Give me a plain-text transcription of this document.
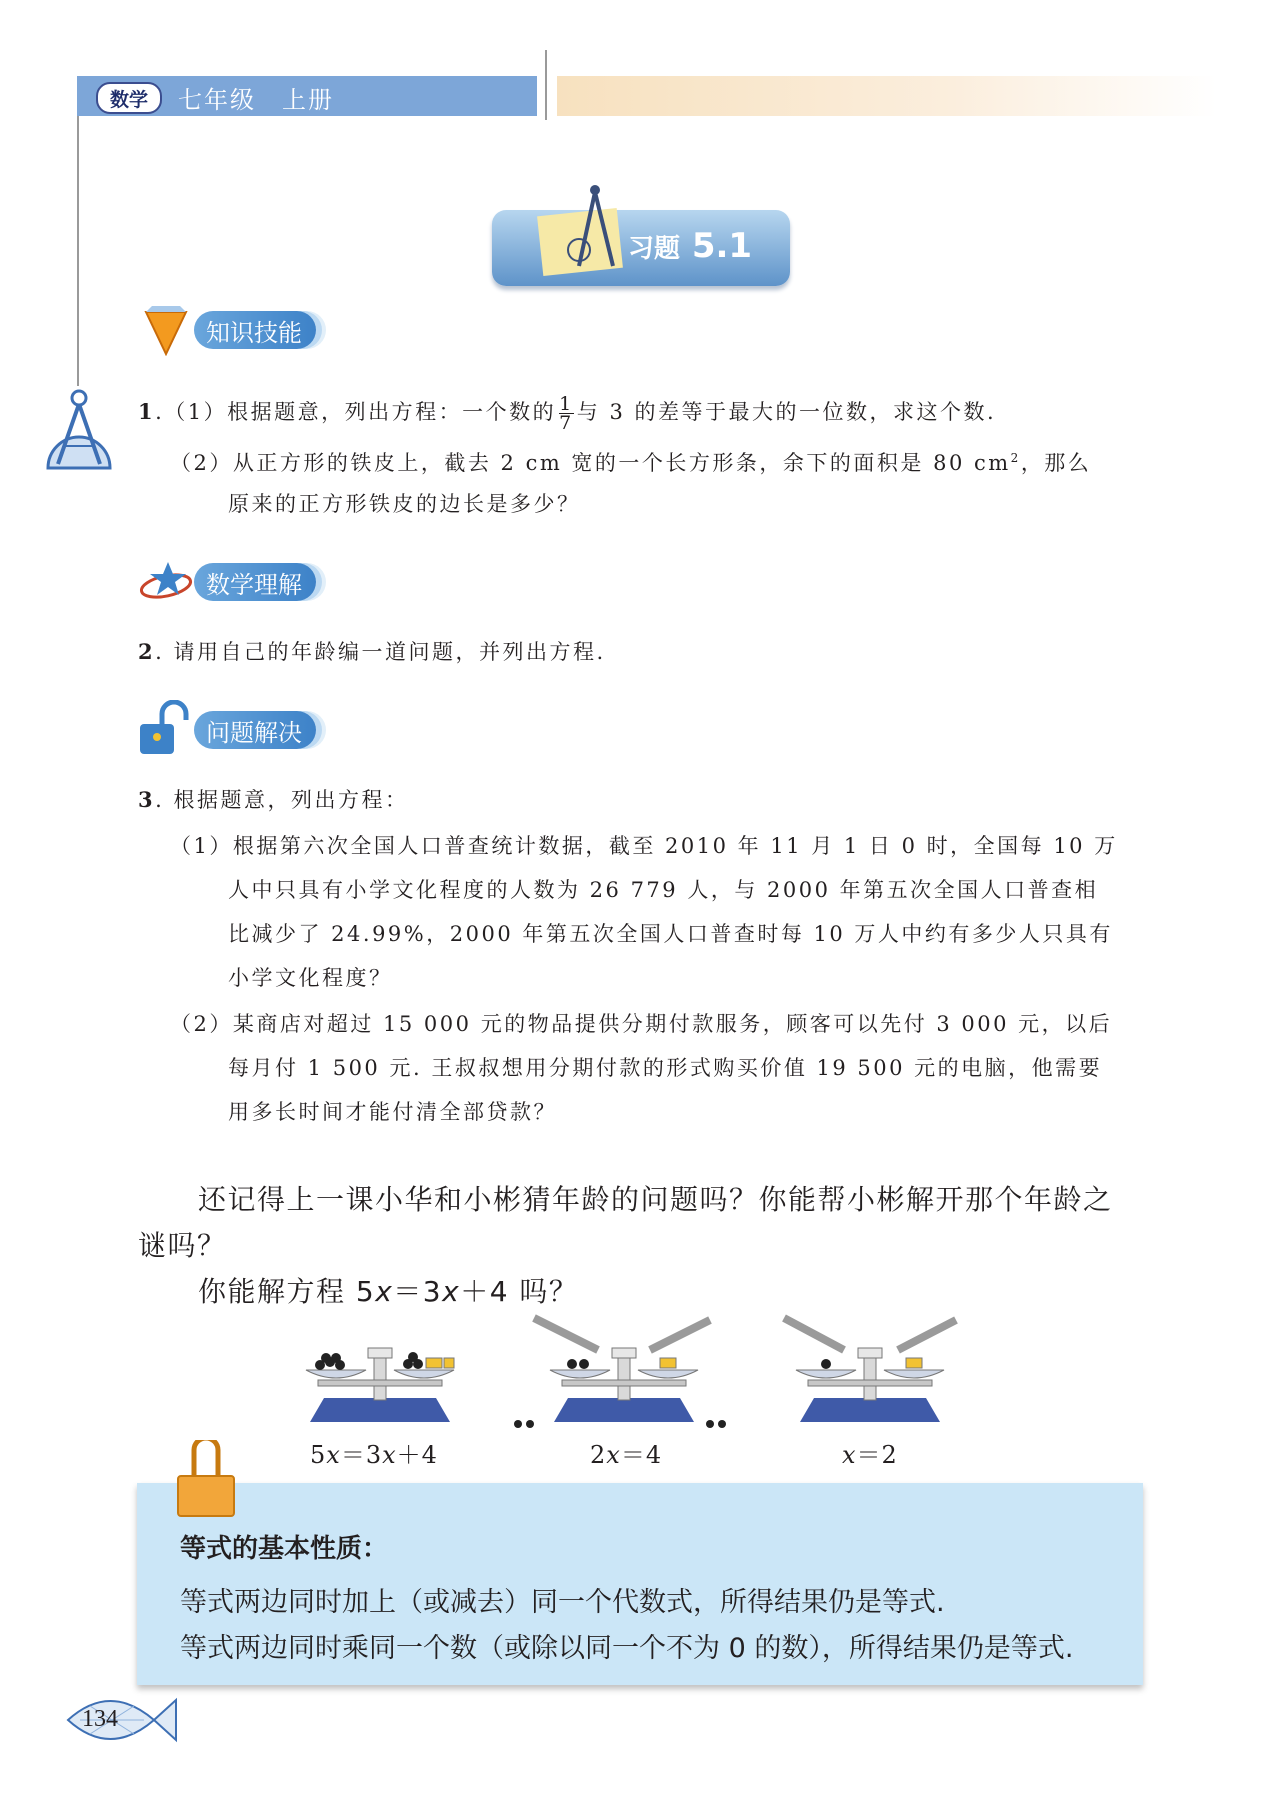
数学	七年级　上册
习题 5.1
知识技能
1.（1）根据题意，列出方程：一个数的 $\frac{1}{7}$ 与 3 的差等于最大的一位数，求这个数.
（2）从正方形的铁皮上，截去 2 cm 宽的一个长方形条，余下的面积是 80 $cm^2$，那么
原来的正方形铁皮的边长是多少？
数学理解
2. 请用自己的年龄编一道问题，并列出方程.
问题解决
3. 根据题意，列出方程：
（1）根据第六次全国人口普查统计数据，截至 2010 年 11 月 1 日 0 时，全国每 10 万
人中只具有小学文化程度的人数为 26 779 人，与 2000 年第五次全国人口普查相
比减少了 24.99%，2000 年第五次全国人口普查时每 10 万人中约有多少人只具有
小学文化程度？
（2）某商店对超过 15 000 元的物品提供分期付款服务，顾客可以先付 3 000 元，以后
每月付 1 500 元. 王叔叔想用分期付款的形式购买价值 19 500 元的电脑，他需要
用多长时间才能付清全部贷款？
还记得上一课小华和小彬猜年龄的问题吗？你能帮小彬解开那个年龄之
谜吗？
你能解方程 5x＝3x＋4 吗？
5x＝3x＋4	2x＝4	x＝2
等式的基本性质：
等式两边同时加上（或减去）同一个代数式，所得结果仍是等式.
等式两边同时乘同一个数（或除以同一个不为 0 的数），所得结果仍是等式.
134
